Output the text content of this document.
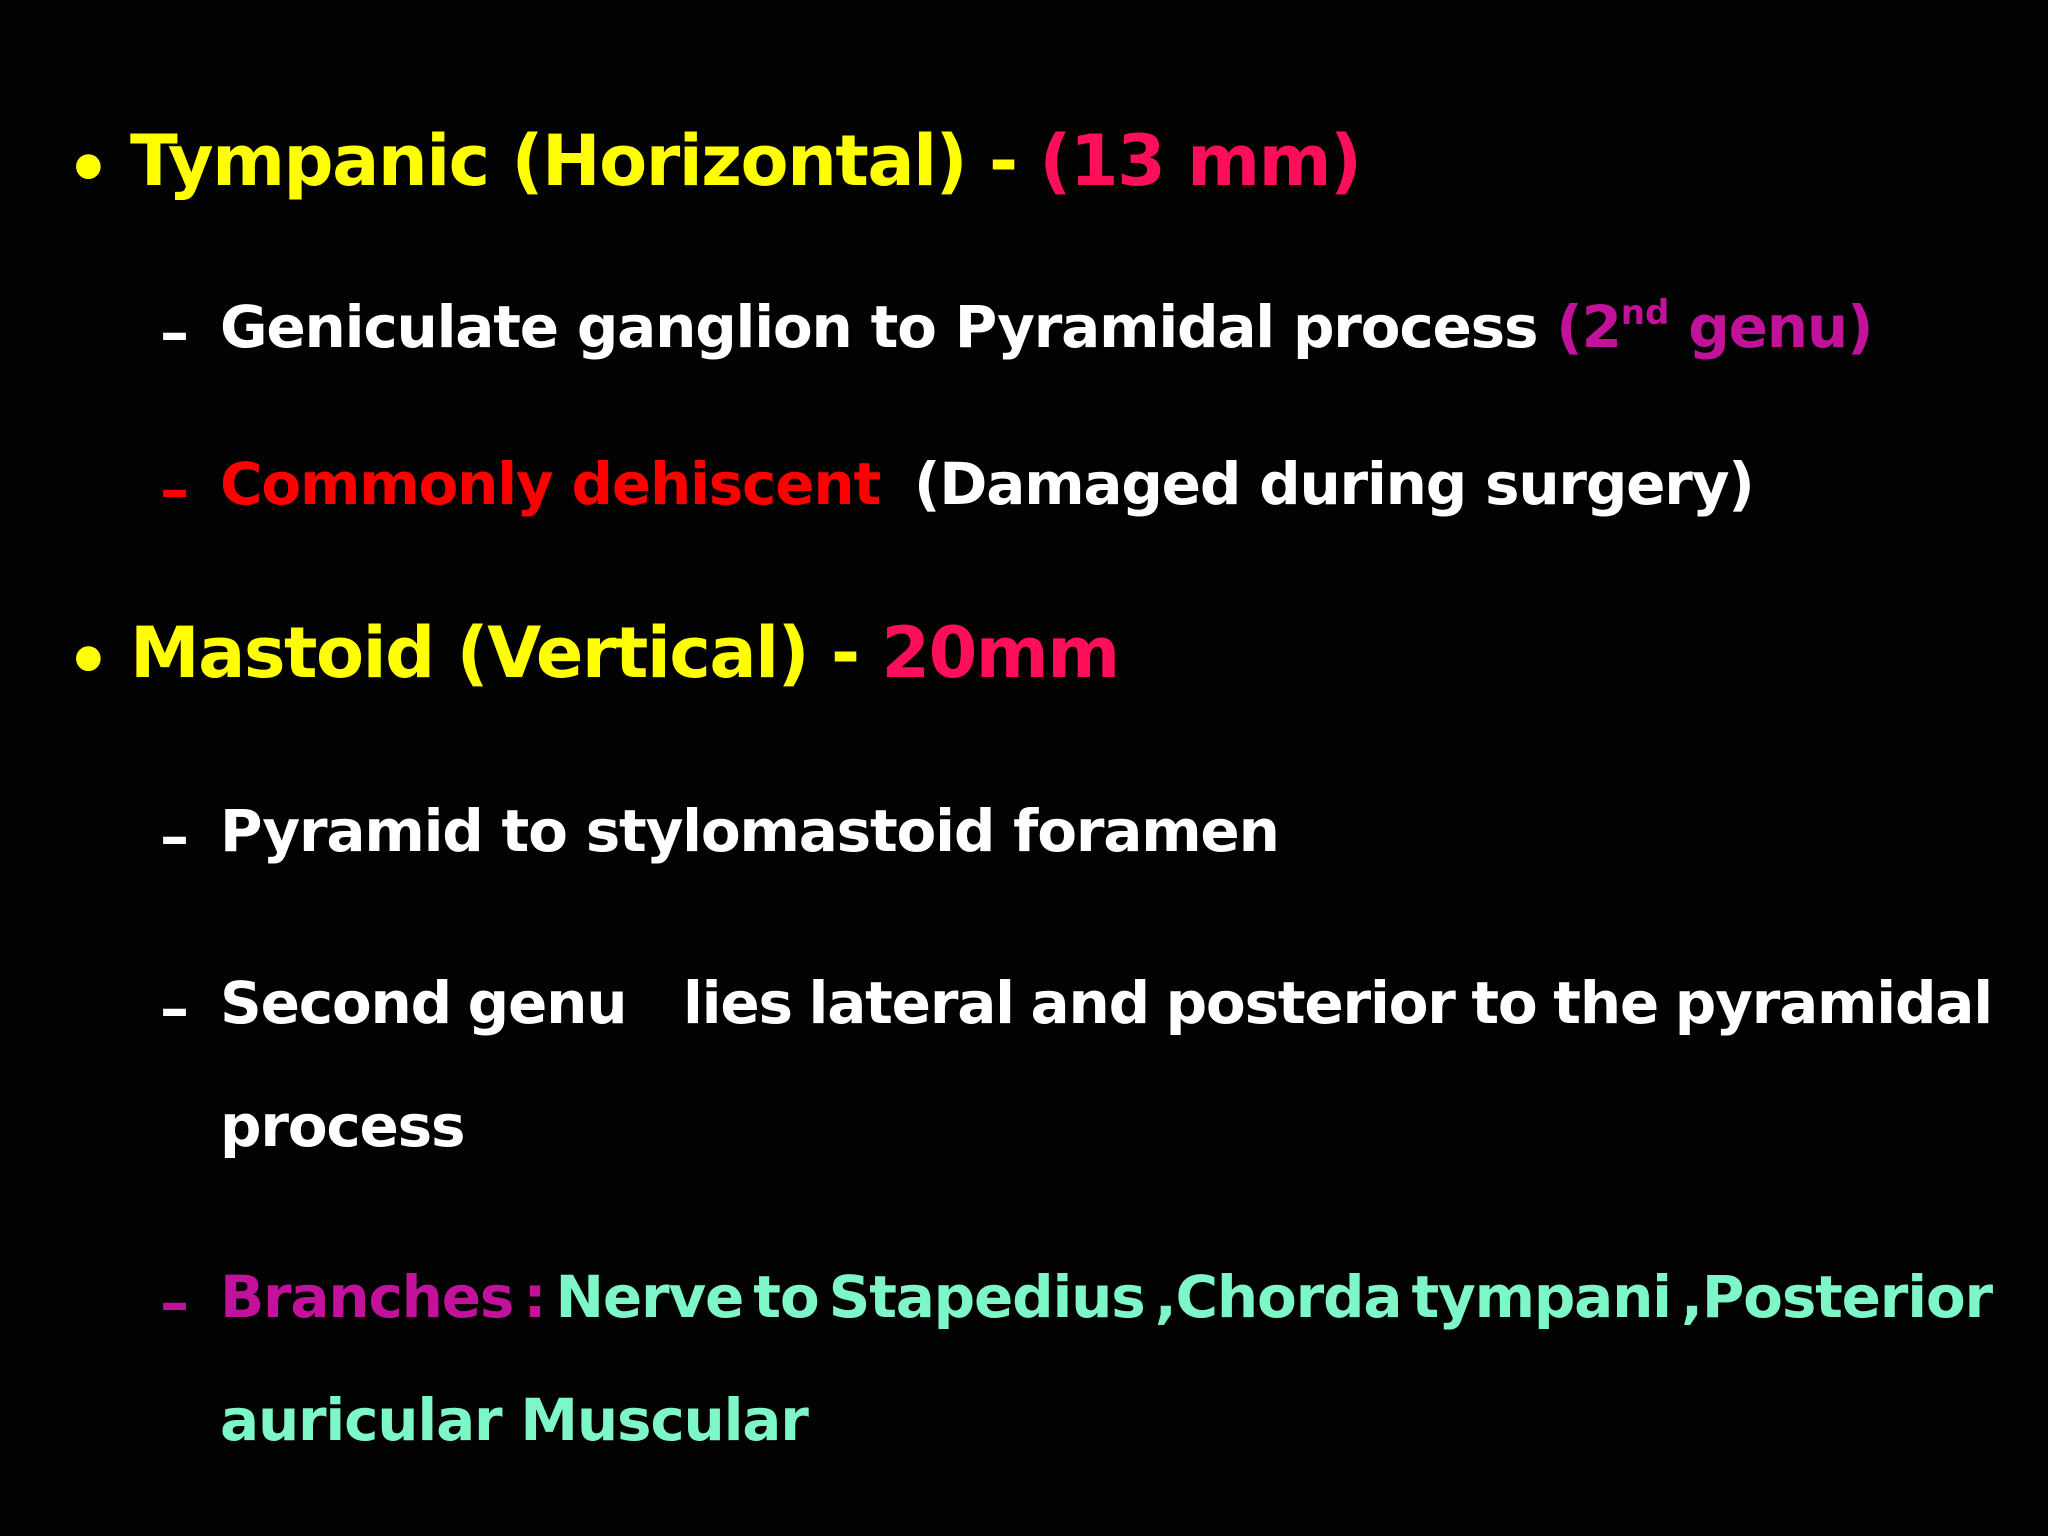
• Tympanic (Horizontal) - (13 mm)
– Geniculate ganglion to Pyramidal process (2nd genu)
– Commonly dehiscent (Damaged during surgery)
• Mastoid (Vertical) - 20mm
– Pyramid to stylomastoid foramen
– Second genu lies lateral and posterior to the pyramidal
process
– Branches : Nerve to Stapedius ,Chorda tympani ,Posterior
auricular Muscular
